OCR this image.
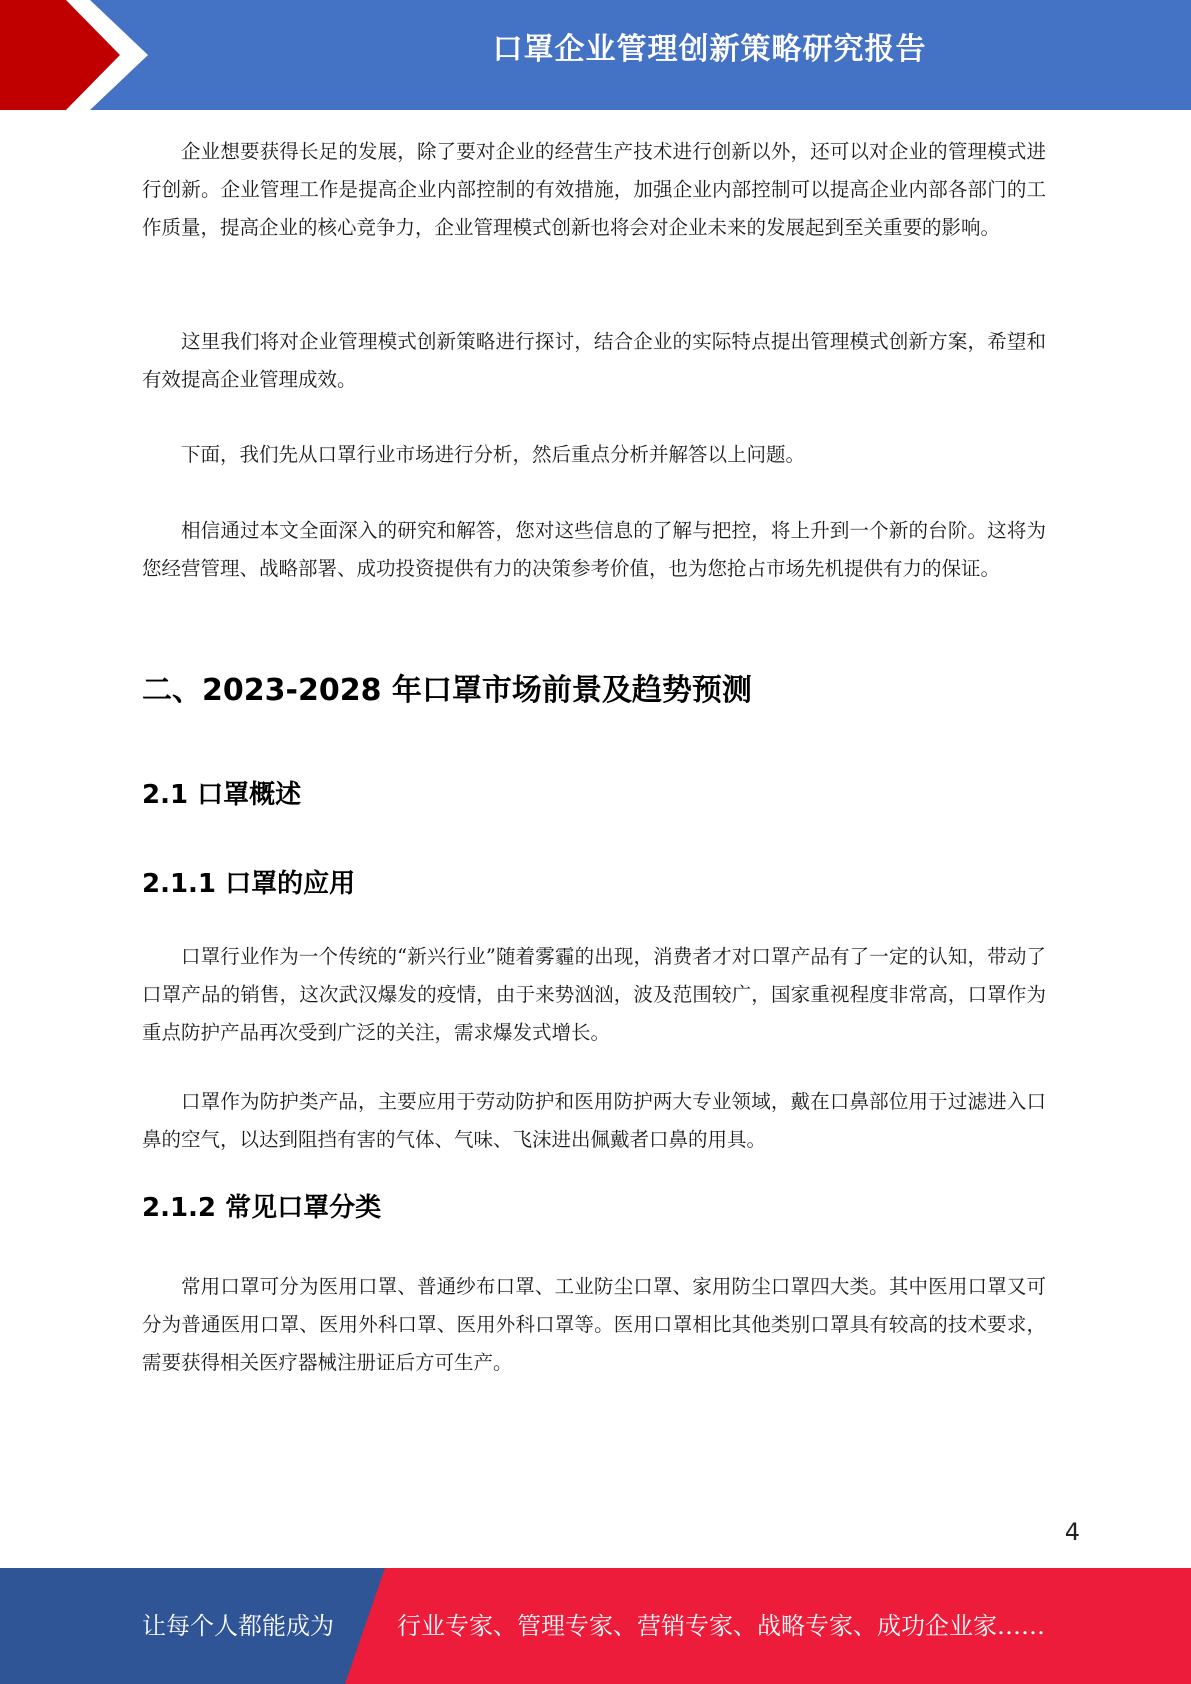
口罩企业管理创新策略研究报告

企业想要获得长足的发展，除了要对企业的经营生产技术进行创新以外，还可以对企业的管理模式进行创新。企业管理工作是提高企业内部控制的有效措施，加强企业内部控制可以提高企业内部各部门的工作质量，提高企业的核心竞争力，企业管理模式创新也将会对企业未来的发展起到至关重要的影响。

这里我们将对企业管理模式创新策略进行探讨，结合企业的实际特点提出管理模式创新方案，希望和有效提高企业管理成效。

下面，我们先从口罩行业市场进行分析，然后重点分析并解答以上问题。

相信通过本文全面深入的研究和解答，您对这些信息的了解与把控，将上升到一个新的台阶。这将为您经营管理、战略部署、成功投资提供有力的决策参考价值，也为您抢占市场先机提供有力的保证。

二、2023-2028 年口罩市场前景及趋势预测
2.1 口罩概述
2.1.1 口罩的应用

口罩行业作为一个传统的“新兴行业”随着雾霾的出现，消费者才对口罩产品有了一定的认知，带动了口罩产品的销售，这次武汉爆发的疫情，由于来势汹汹，波及范围较广，国家重视程度非常高，口罩作为重点防护产品再次受到广泛的关注，需求爆发式增长。

口罩作为防护类产品，主要应用于劳动防护和医用防护两大专业领域，戴在口鼻部位用于过滤进入口鼻的空气，以达到阻挡有害的气体、气味、飞沫进出佩戴者口鼻的用具。

2.1.2 常见口罩分类

常用口罩可分为医用口罩、普通纱布口罩、工业防尘口罩、家用防尘口罩四大类。其中医用口罩又可分为普通医用口罩、医用外科口罩、医用外科口罩等。医用口罩相比其他类别口罩具有较高的技术要求，需要获得相关医疗器械注册证后方可生产。

4
让每个人都能成为	行业专家、管理专家、营销专家、战略专家、成功企业家……
